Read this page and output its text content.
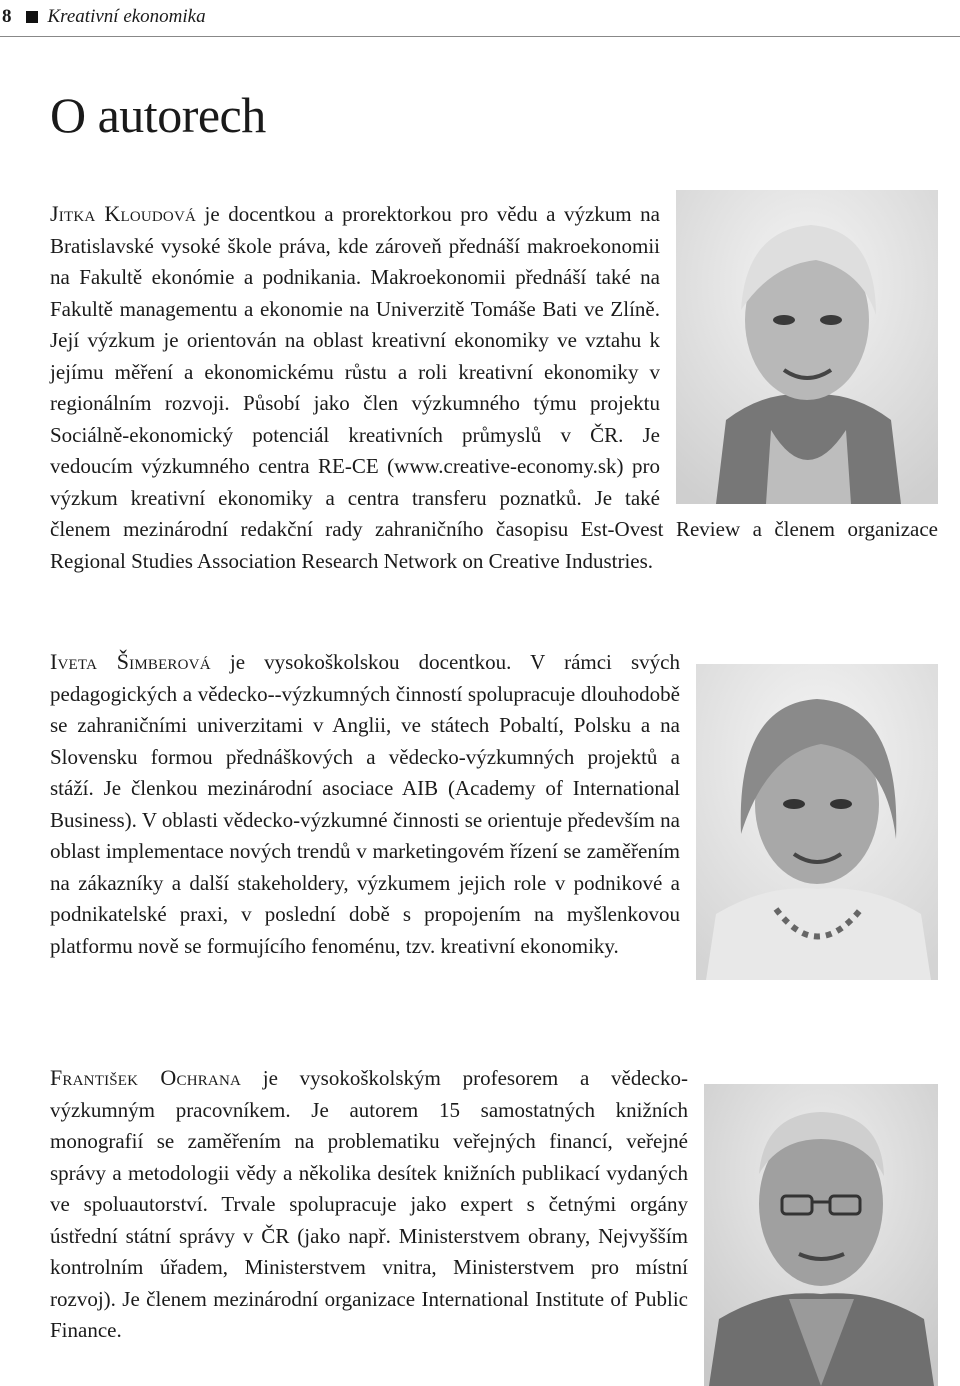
8 Kreativní ekonomika
O autorech

Jitka Kloudová je docentkou a prorektorkou pro vědu a výzkum na Bratislavské vysoké škole práva, kde zároveň přednáší makroekonomii na Fakultě ekonómie a podnikania. Makroekonomii přednáší také na Fakultě managementu a ekonomie na Univerzitě Tomáše Bati ve Zlíně. Její výzkum je orientován na oblast kreativní ekonomiky ve vztahu k jejímu měření a ekonomickému růstu a roli kreativní ekonomiky v regionálním rozvoji. Působí jako člen výzkumného týmu projektu Sociálně-ekonomický potenciál kreativních průmyslů v ČR. Je vedoucím výzkumného centra RE-CE (www.creative-economy.sk) pro výzkum kreativní ekonomiky a centra transferu poznatků. Je také členem mezinárodní redakční rady zahraničního časopisu Est-Ovest Review a členem organizace Regional Studies Association Research Network on Creative Industries.

Iveta Šimberová je vysokoškolskou docentkou. V rámci svých pedagogických a vědecko--výzkumných činností spolupracuje dlouhodobě se zahraničními univerzitami v Anglii, ve státech Pobaltí, Polsku a na Slovensku formou přednáškových a vědecko-výzkumných projektů a stáží. Je členkou mezinárodní asociace AIB (Academy of International Business). V oblasti vědecko-výzkumné činnosti se orientuje především na oblast implementace nových trendů v marketingovém řízení se zaměřením na zákazníky a další stakeholdery, výzkumem jejich role v podnikové a podnikatelské praxi, v poslední době s propojením na myšlenkovou platformu nově se formujícího fenoménu, tzv. kreativní ekonomiky.

František Ochrana je vysokoškolským profesorem a vědecko-výzkumným pracovníkem. Je autorem 15 samostatných knižních monografií se zaměřením na problematiku veřejných financí, veřejné správy a metodologii vědy a několika desítek knižních publikací vydaných ve spoluautorství. Trvale spolupracuje jako expert s četnými orgány ústřední státní správy v ČR (jako např. Ministerstvem obrany, Nejvyšším kontrolním úřadem, Ministerstvem vnitra, Ministerstvem pro místní rozvoj). Je členem mezinárodní organizace International Institute of Public Finance.
